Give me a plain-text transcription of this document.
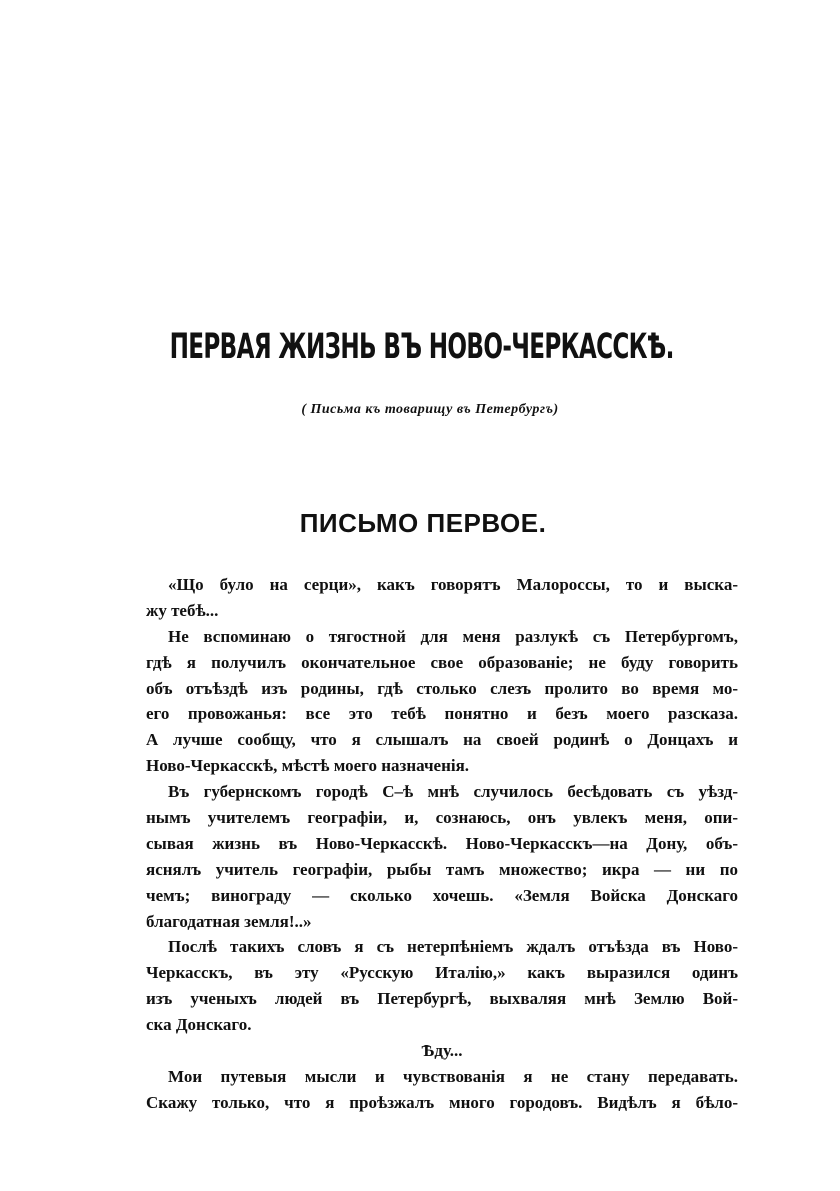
ПЕРВАЯ ЖИЗНЬ ВЪ НОВО-ЧЕРКАССКѢ.
( Письма къ товарищу въ Петербургъ)
ПИСЬМО ПЕРВОЕ.
«Що було на серци», какъ говорятъ Малороссы, то и выска-
жу тебѣ...
Не вспоминаю о тягостной для меня разлукѣ съ Петербургомъ,
гдѣ я получилъ окончательное свое образованіе; не буду говорить
объ отъѣздѣ изъ родины, гдѣ столько слезъ пролито во время мо-
его провожанья: все это тебѣ понятно и безъ моего разсказа.
А лучше сообщу, что я слышалъ на своей родинѣ о Донцахъ и
Ново-Черкасскѣ, мѣстѣ моего назначенія.
Въ губернскомъ городѣ С–ѣ мнѣ случилось бесѣдовать съ уѣзд-
нымъ учителемъ географіи, и, сознаюсь, онъ увлекъ меня, опи-
сывая жизнь въ Ново-Черкасскѣ. Ново-Черкасскъ—на Дону, объ-
яснялъ учитель географіи, рыбы тамъ множество; икра — ни по
чемъ; винограду — сколько хочешь. «Земля Войска Донскаго
благодатная земля!..»
Послѣ такихъ словъ я съ нетерпѣніемъ ждалъ отъѣзда въ Ново-
Черкасскъ, въ эту «Русскую Италію,» какъ выразился одинъ
изъ ученыхъ людей въ Петербургѣ, выхваляя мнѣ Землю Вой-
ска Донскаго.
Ѣду...
Мои путевыя мысли и чувствованія я не стану передавать.
Скажу только, что я проѣзжалъ много городовъ. Видѣлъ я бѣло-
